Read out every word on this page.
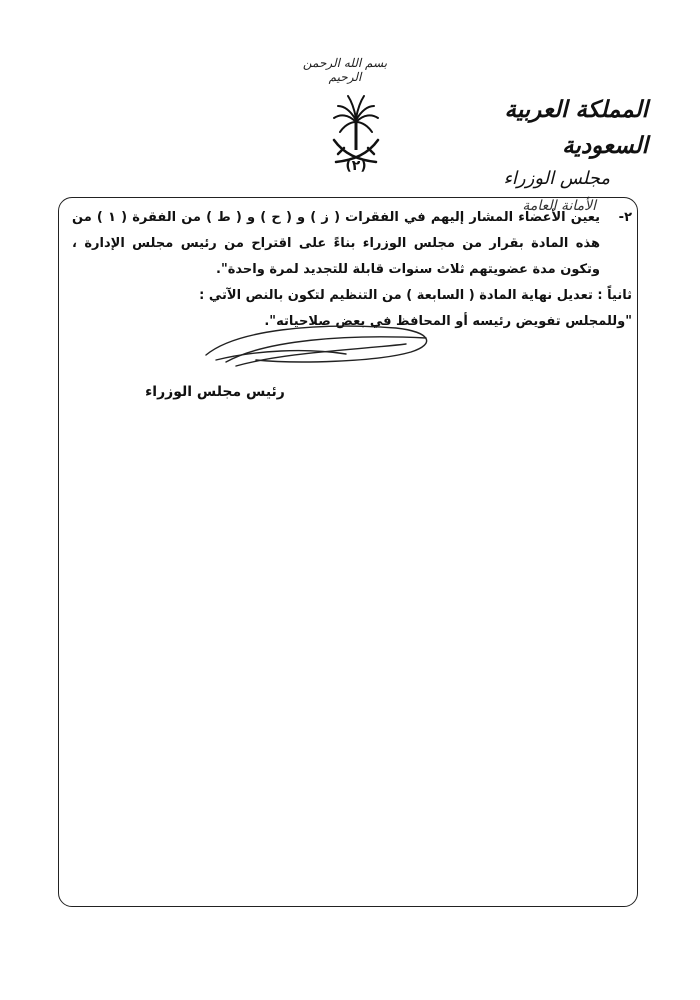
بسم الله الرحمن الرحيم
(٢)
المملكة العربية السعودية
مجلس الوزراء
الأمانة العامة
٢-

يعين الأعضاء المشار إليهم في الفقرات ( ز ) و ( ح ) و ( ط ) من الفقرة ( ١ ) من هذه المادة بقرار من مجلس الوزراء بناءً على اقتراح من رئيس مجلس الإدارة ، وتكون مدة عضويتهم ثلاث سنوات قابلة للتجديد لمرة واحدة".

ثانياً : تعديل نهاية المادة ( السابعة ) من التنظيم لتكون بالنص الآتي :

"وللمجلس تفويض رئيسه أو المحافظ في بعض صلاحياته".

رئيس مجلس الوزراء
